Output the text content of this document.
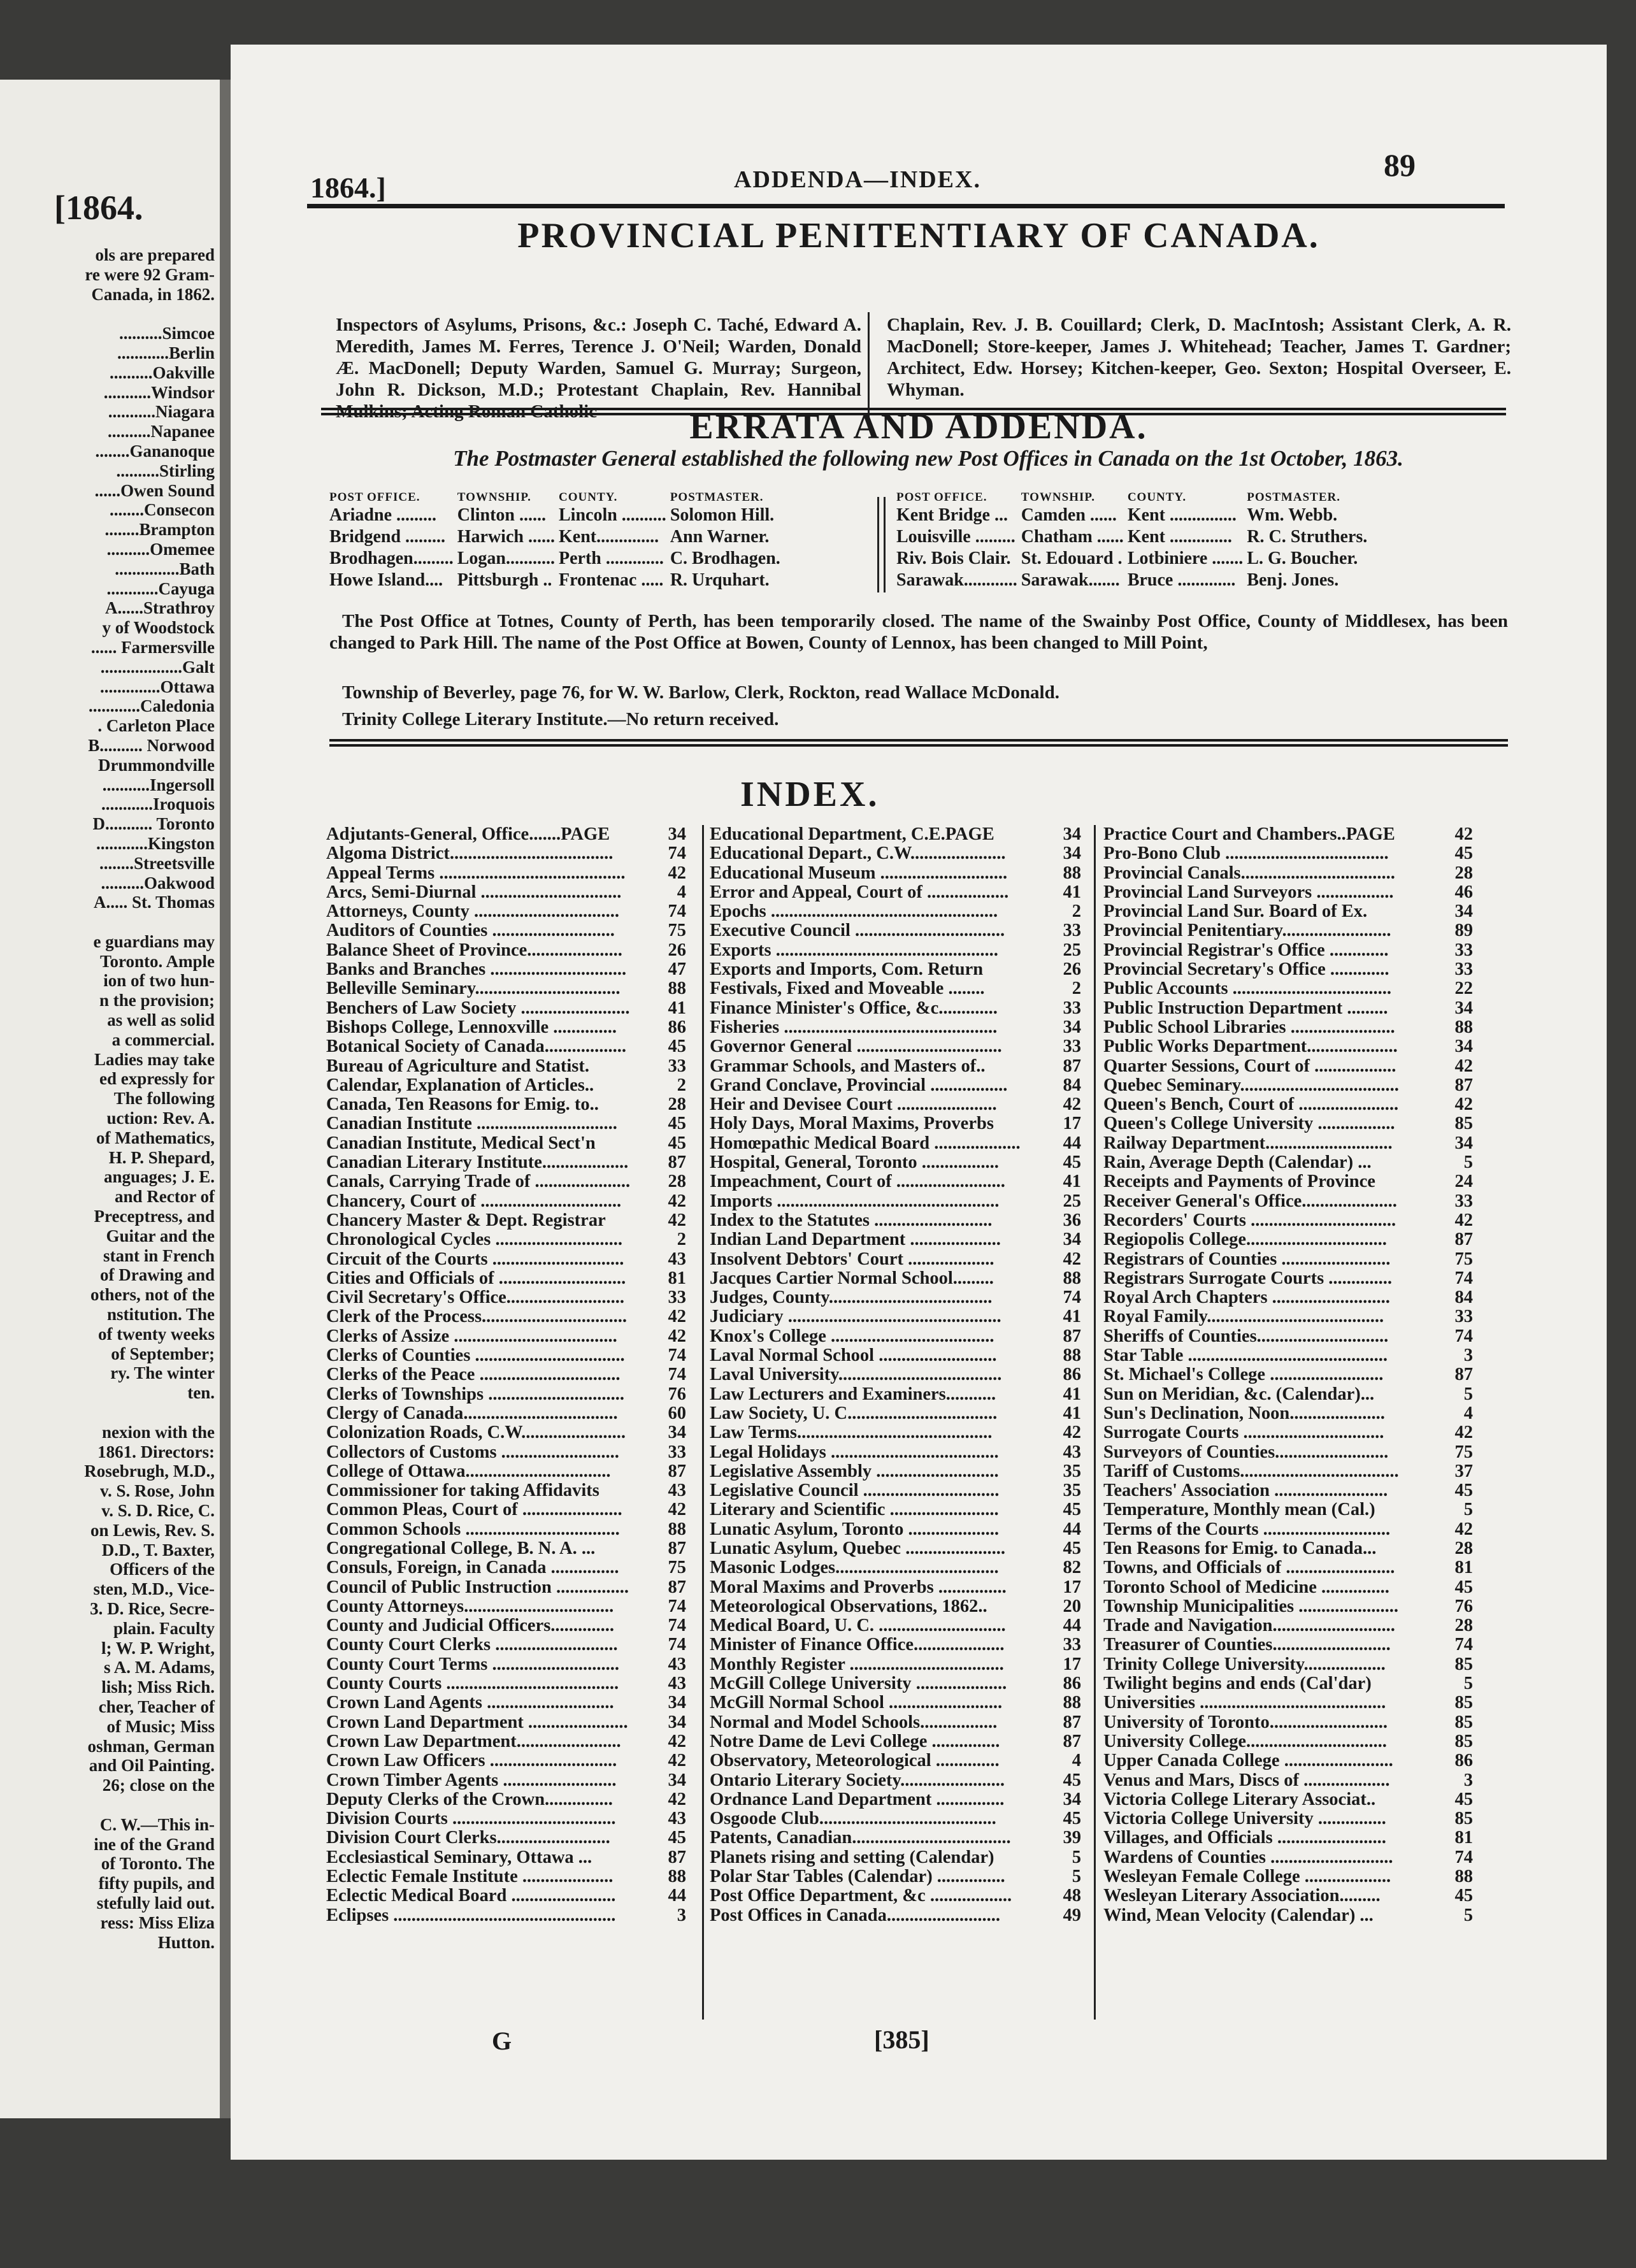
[1864.
ols are prepared
re were 92 Gram-
Canada, in 1862.
..........Simcoe
............Berlin
..........Oakville
...........Windsor
...........Niagara
..........Napanee
........Gananoque
..........Stirling
......Owen Sound
........Consecon
........Brampton
..........Omemee
...............Bath
............Cayuga
A......Strathroy
y of Woodstock
...... Farmersville
...................Galt
..............Ottawa
............Caledonia
. Carleton Place
B.......... Norwood
Drummondville
...........Ingersoll
............Iroquois
D........... Toronto
............Kingston
........Streetsville
..........Oakwood
A..... St. Thomas
e guardians may
Toronto. Ample
ion of two hun-
n the provision;
as well as solid
a commercial.
Ladies may take
ed expressly for
The following
uction: Rev. A.
of Mathematics,
H. P. Shepard,
anguages; J. E.
and Rector of
Preceptress, and
Guitar and the
stant in French
of Drawing and
others, not of the
nstitution. The
of twenty weeks
of September;
ry. The winter
ten.
nexion with the
1861. Directors:
Rosebrugh, M.D.,
v. S. Rose, John
v. S. D. Rice, C.
on Lewis, Rev. S.
D.D., T. Baxter,
Officers of the
sten, M.D., Vice-
3. D. Rice, Secre-
plain. Faculty
l; W. P. Wright,
s A. M. Adams,
lish; Miss Rich.
cher, Teacher of
of Music; Miss
oshman, German
and Oil Painting.
26; close on the
C. W.—This in-
ine of the Grand
of Toronto. The
fifty pupils, and
stefully laid out.
ress: Miss Eliza
Hutton.
1864.]	ADDENDA—INDEX.	89
PROVINCIAL PENITENTIARY OF CANADA.
Inspectors of Asylums, Prisons, &c.: Joseph C. Taché, Edward A. Meredith, James M. Ferres, Terence J. O'Neil; Warden, Donald Æ. MacDonell; Deputy Warden, Samuel G. Murray; Surgeon, John R. Dickson, M.D.; Protestant Chaplain, Rev. Hannibal Mulkins; Acting Roman Catholic
Chaplain, Rev. J. B. Couillard; Clerk, D. MacIntosh; Assistant Clerk, A. R. MacDonell; Store-keeper, James J. Whitehead; Teacher, James T. Gardner; Architect, Edw. Horsey; Kitchen-keeper, Geo. Sexton; Hospital Overseer, E. Whyman.
ERRATA AND ADDENDA.
The Postmaster General established the following new Post Offices in Canada on the 1st October, 1863.
POST OFFICE.	TOWNSHIP.	COUNTY.	POSTMASTER.
Ariadne .........	Clinton ......	Lincoln ..........	Solomon Hill.
Bridgend .........	Harwich ......	Kent..............	Ann Warner.
Brodhagen.........	Logan...........	Perth .............	C. Brodhagen.
Howe Island....	Pittsburgh ..	Frontenac .....	R. Urquhart.
POST OFFICE.	TOWNSHIP.	COUNTY.	POSTMASTER.
Kent Bridge ...	Camden ......	Kent ...............	Wm. Webb.
Louisville .........	Chatham ......	Kent ..............	R. C. Struthers.
Riv. Bois Clair.	St. Edouard .	Lotbiniere .......	L. G. Boucher.
Sarawak............	Sarawak.......	Bruce .............	Benj. Jones.
The Post Office at Totnes, County of Perth, has been temporarily closed. The name of the Swainby Post Office, County of Middlesex, has been changed to Park Hill. The name of the Post Office at Bowen, County of Lennox, has been changed to Mill Point,
Township of Beverley, page 76, for W. W. Barlow, Clerk, Rockton, read Wallace McDonald.
Trinity College Literary Institute.—No return received.
INDEX.
Adjutants-General, Office.......PAGE	34
Algoma District....................................	74
Appeal Terms ......................................... 42
Arcs, Semi-Diurnal ...............................	4
Attorneys, County ................................	74
Auditors of Counties ...........................	75
Balance Sheet of Province.....................	26
Banks and Branches .............................. 47
Belleville Seminary................................	88
Benchers of Law Society ........................ 41
Bishops College, Lennoxville ..............	86
Botanical Society of Canada.................. 45
Bureau of Agriculture and Statist.	33
Calendar, Explanation of Articles..	2
Canada, Ten Reasons for Emig. to..	28
Canadian Institute ...............................	45
Canadian Institute, Medical Sect'n	45
Canadian Literary Institute................... 87
Canals, Carrying Trade of ..................... 28
Chancery, Court of ...............................	42
Chancery Master & Dept. Registrar	42
Chronological Cycles ............................	2
Circuit of the Courts ............................. 43
Cities and Officials of ............................ 81
Civil Secretary's Office.......................... 33
Clerk of the Process................................ 42
Clerks of Assize ....................................	42
Clerks of Counties ................................. 74
Clerks of the Peace ...............................	74
Clerks of Townships .............................. 76
Clergy of Canada..................................	60
Colonization Roads, C.W....................... 34
Collectors of Customs ..........................	33
College of Ottawa................................	87
Commissioner for taking Affidavits	43
Common Pleas, Court of ......................	42
Common Schools ..................................	88
Congregational College, B. N. A. ...	87
Consuls, Foreign, in Canada ...............	75
Council of Public Instruction ................ 87
County Attorneys.................................	74
County and Judicial Officers..............	74
County Court Clerks ...........................	74
County Court Terms ............................	43
County Courts ......................................	43
Crown Land Agents ............................	34
Crown Land Department ...................... 34
Crown Law Department.......................	42
Crown Law Officers ............................	42
Crown Timber Agents .........................	34
Deputy Clerks of the Crown...............	42
Division Courts ....................................	43
Division Court Clerks.........................	45
Ecclesiastical Seminary, Ottawa ...	87
Eclectic Female Institute ....................	88
Eclectic Medical Board .......................	44
Eclipses .................................................	3
Educational Department, C.E.PAGE	34
Educational Depart., C.W.....................	34
Educational Museum ............................	88
Error and Appeal, Court of ..................	41
Epochs ..................................................	2
Executive Council .................................	33
Exports .................................................	25
Exports and Imports, Com. Return	26
Festivals, Fixed and Moveable ........	2
Finance Minister's Office, &c.............	33
Fisheries ...............................................	34
Governor General ................................	33
Grammar Schools, and Masters of..	87
Grand Conclave, Provincial .................	84
Heir and Devisee Court ......................	42
Holy Days, Moral Maxims, Proverbs	17
Homœpathic Medical Board ................... 44
Hospital, General, Toronto .................	45
Impeachment, Court of ........................	41
Imports .................................................	25
Index to the Statutes ..........................	36
Indian Land Department ....................	34
Insolvent Debtors' Court ...................	42
Jacques Cartier Normal School.........	88
Judges, County....................................	74
Judiciary ...............................................	41
Knox's College ....................................	87
Laval Normal School ..........................	88
Laval University....................................	86
Law Lecturers and Examiners...........	41
Law Society, U. C.................................	41
Law Terms...........................................	42
Legal Holidays .....................................	43
Legislative Assembly ...........................	35
Legislative Council ..............................	35
Literary and Scientific ........................	45
Lunatic Asylum, Toronto ....................	44
Lunatic Asylum, Quebec ......................	45
Masonic Lodges....................................	82
Moral Maxims and Proverbs ...............	17
Meteorological Observations, 1862..	20
Medical Board, U. C. ............................	44
Minister of Finance Office....................	33
Monthly Register ..................................	17
McGill College University ....................	86
McGill Normal School .........................	88
Normal and Model Schools.................	87
Notre Dame de Levi College ...............	87
Observatory, Meteorological ..............	4
Ontario Literary Society.......................	45
Ordnance Land Department ...............	34
Osgoode Club.......................................	45
Patents, Canadian...................................	39
Planets rising and setting (Calendar)	5
Polar Star Tables (Calendar) ...............	5
Post Office Department, &c ..................	48
Post Offices in Canada.........................	49
Practice Court and Chambers..PAGE	42
Pro-Bono Club ....................................	45
Provincial Canals..................................	28
Provincial Land Surveyors .................	46
Provincial Land Sur. Board of Ex.	34
Provincial Penitentiary........................	89
Provincial Registrar's Office .............	33
Provincial Secretary's Office .............	33
Public Accounts ...................................	22
Public Instruction Department .........	34
Public School Libraries .......................	88
Public Works Department....................	34
Quarter Sessions, Court of ..................	42
Quebec Seminary...................................	87
Queen's Bench, Court of ......................	42
Queen's College University .................	85
Railway Department............................	34
Rain, Average Depth (Calendar) ...	5
Receipts and Payments of Province	24
Receiver General's Office.....................	33
Recorders' Courts ................................	42
Regiopolis College...............................	87
Registrars of Counties ........................	75
Registrars Surrogate Courts ..............	74
Royal Arch Chapters ..........................	84
Royal Family.......................................	33
Sheriffs of Counties.............................	74
Star Table ............................................	3
St. Michael's College .........................	87
Sun on Meridian, &c. (Calendar)...	5
Sun's Declination, Noon.....................	4
Surrogate Courts ...............................	42
Surveyors of Counties.........................	75
Tariff of Customs...................................	37
Teachers' Association .........................	45
Temperature, Monthly mean (Cal.)	5
Terms of the Courts ............................	42
Ten Reasons for Emig. to Canada...	28
Towns, and Officials of ........................	81
Toronto School of Medicine ...............	45
Township Municipalities ......................	76
Trade and Navigation...........................	28
Treasurer of Counties..........................	74
Trinity College University..................	85
Twilight begins and ends (Cal'dar)	5
Universities .........................................	85
University of Toronto..........................	85
University College...............................	85
Upper Canada College ........................	86
Venus and Mars, Discs of ...................	3
Victoria College Literary Associat..	45
Victoria College University ...............	85
Villages, and Officials ........................	81
Wardens of Counties ...........................	74
Wesleyan Female College ...................	88
Wesleyan Literary Association.........	45
Wind, Mean Velocity (Calendar) ...	5
G	[385]
